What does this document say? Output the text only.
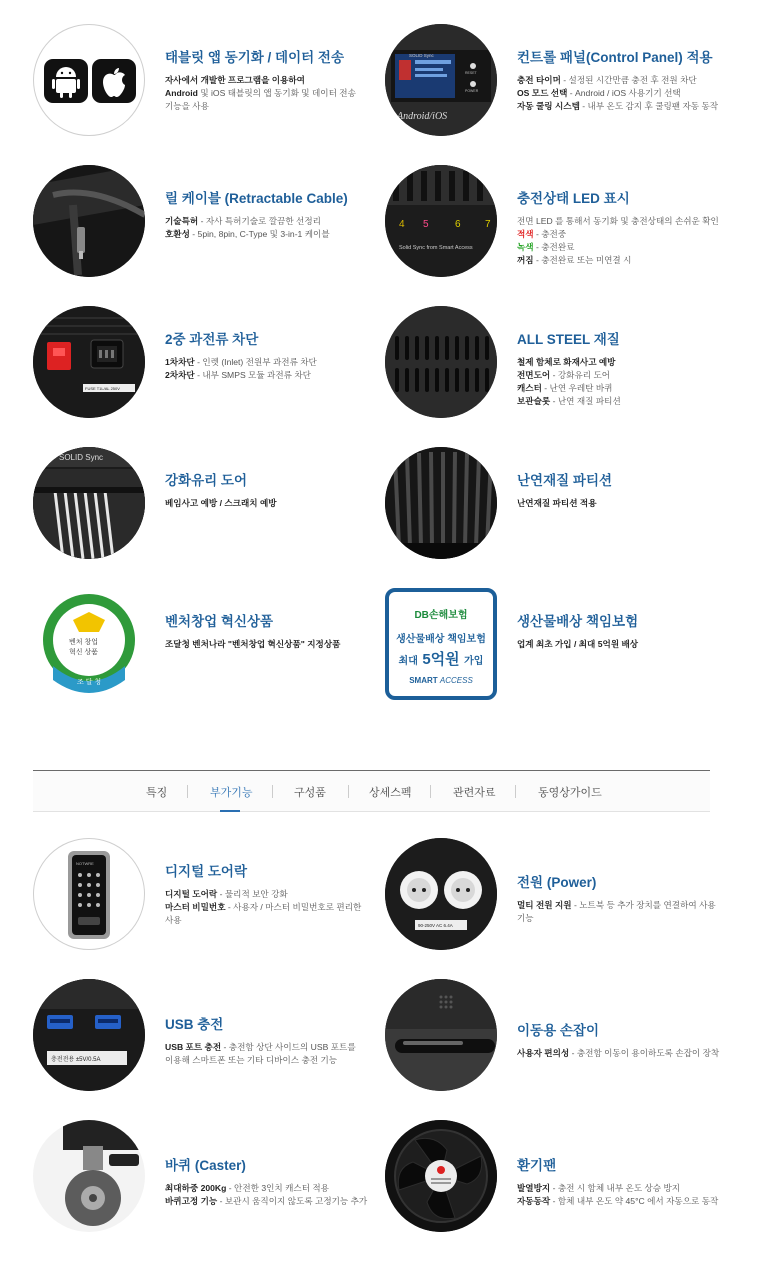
태블릿 앱 동기화 / 데이터 전송
자사에서 개발한 프로그램을 이용하여
Android 및 iOS 태블릿의 앱 동기화 및 데이터 전송
기능을 사용
SOLID Sync
RESET
POWER
Android/iOS
컨트롤 패널(Control Panel) 적용
충전 타이머 - 설정된 시간만큼 충전 후 전원 차단
OS 모드 선택 - Android / iOS 사용기기 선택
자동 쿨링 시스템 - 내부 온도 감지 후 쿨링팬 자동 동작
릴 케이블 (Retractable Cable)
기술특허 - 자사 특허기술로 깔끔한 선정리
호환성 - 5pin, 8pin, C-Type 및 3-in-1 케이블
4 5	6 7
Solid Sync from Smart Access
충전상태 LED 표시
전면 LED 를 통해서 동기화 및 충전상태의 손쉬운 확인
적색 - 충전중
녹색 - 충전완료
꺼짐 - 충전완료 또는 미연결 시
FUSE T1L/AL 250V
2중 과전류 차단
1차차단 - 인렛 (Inlet) 전원부 과전류 차단
2차차단 - 내부 SMPS 모듈 과전류 차단
ALL STEEL 재질
철제 함체로 화재사고 예방
전면도어 - 강화유리 도어
캐스터 - 난연 우레탄 바퀴
보관슬롯 - 난연 재질 파티션
SOLID Sync
강화유리 도어
베임사고 예방 / 스크래치 예방
난연재질 파티션
난연재질 파티션 적용
벤처 창업
혁신 상품
조 달 청
벤처창업 혁신상품
조달청 벤처나라 "벤처창업 혁신상품" 지정상품
DB손해보험
생산물배상 책임보험
최대 5억원 가입
SMART ACCESS
생산물배상 책임보험
업계 최초 가입 / 최대 5억원 배상
특징	부가기능	구성품	상세스펙	관련자료	동영상가이드
NOTWRE
디지털 도어락
디지털 도어락 - 물리적 보안 강화
마스터 비밀번호 - 사용자 / 마스터 비밀번호로 편리한
사용
90-250V AC 6.4A
전원 (Power)
멀티 전원 지원 - 노트북 등 추가 장치를 연결하여 사용
기능
충전전용 ±5V/0.5A
USB 충전
USB 포트 충전 - 충전함 상단 사이드의 USB 포트를
이용해 스마트폰 또는 기타 디바이스 충전 기능
이동용 손잡이
사용자 편의성 - 충전함 이동이 용이하도록 손잡이 장착
바퀴 (Caster)
최대하중 200Kg - 안전한 3인치 캐스터 적용
바퀴고정 기능 - 보관시 움직이지 않도록 고정기능 추가
환기팬
발열방지 - 충전 시 함체 내부 온도 상승 방지
자동동작 - 함체 내부 온도 약 45°C 에서 자동으로 동작
